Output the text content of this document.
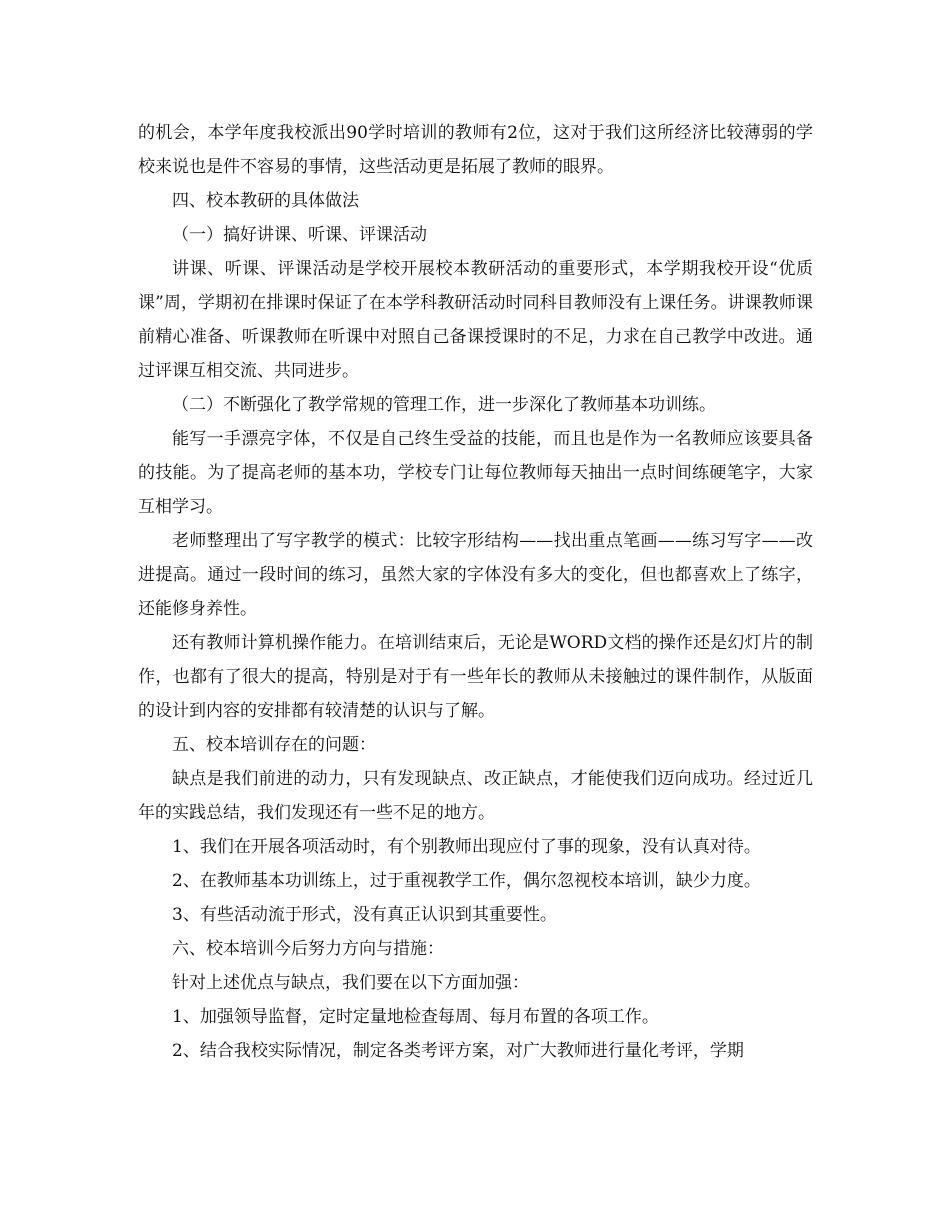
的机会，本学年度我校派出90学时培训的教师有2位，这对于我们这所经济比较薄弱的学校来说也是件不容易的事情，这些活动更是拓展了教师的眼界。

四、校本教研的具体做法

（一）搞好讲课、听课、评课活动

讲课、听课、评课活动是学校开展校本教研活动的重要形式，本学期我校开设“优质课”周，学期初在排课时保证了在本学科教研活动时同科目教师没有上课任务。讲课教师课前精心准备、听课教师在听课中对照自己备课授课时的不足，力求在自己教学中改进。通过评课互相交流、共同进步。

（二）不断强化了教学常规的管理工作，进一步深化了教师基本功训练。

能写一手漂亮字体，不仅是自己终生受益的技能，而且也是作为一名教师应该要具备的技能。为了提高老师的基本功，学校专门让每位教师每天抽出一点时间练硬笔字，大家互相学习。

老师整理出了写字教学的模式：比较字形结构——找出重点笔画——练习写字——改进提高。通过一段时间的练习，虽然大家的字体没有多大的变化，但也都喜欢上了练字，还能修身养性。

还有教师计算机操作能力。在培训结束后，无论是WORD文档的操作还是幻灯片的制作，也都有了很大的提高，特别是对于有一些年长的教师从未接触过的课件制作，从版面的设计到内容的安排都有较清楚的认识与了解。

五、校本培训存在的问题：

缺点是我们前进的动力，只有发现缺点、改正缺点，才能使我们迈向成功。经过近几年的实践总结，我们发现还有一些不足的地方。

1、我们在开展各项活动时，有个别教师出现应付了事的现象，没有认真对待。

2、在教师基本功训练上，过于重视教学工作，偶尔忽视校本培训，缺少力度。

3、有些活动流于形式，没有真正认识到其重要性。

六、校本培训今后努力方向与措施：

针对上述优点与缺点，我们要在以下方面加强：

1、加强领导监督，定时定量地检查每周、每月布置的各项工作。

2、结合我校实际情况，制定各类考评方案，对广大教师进行量化考评，学期
